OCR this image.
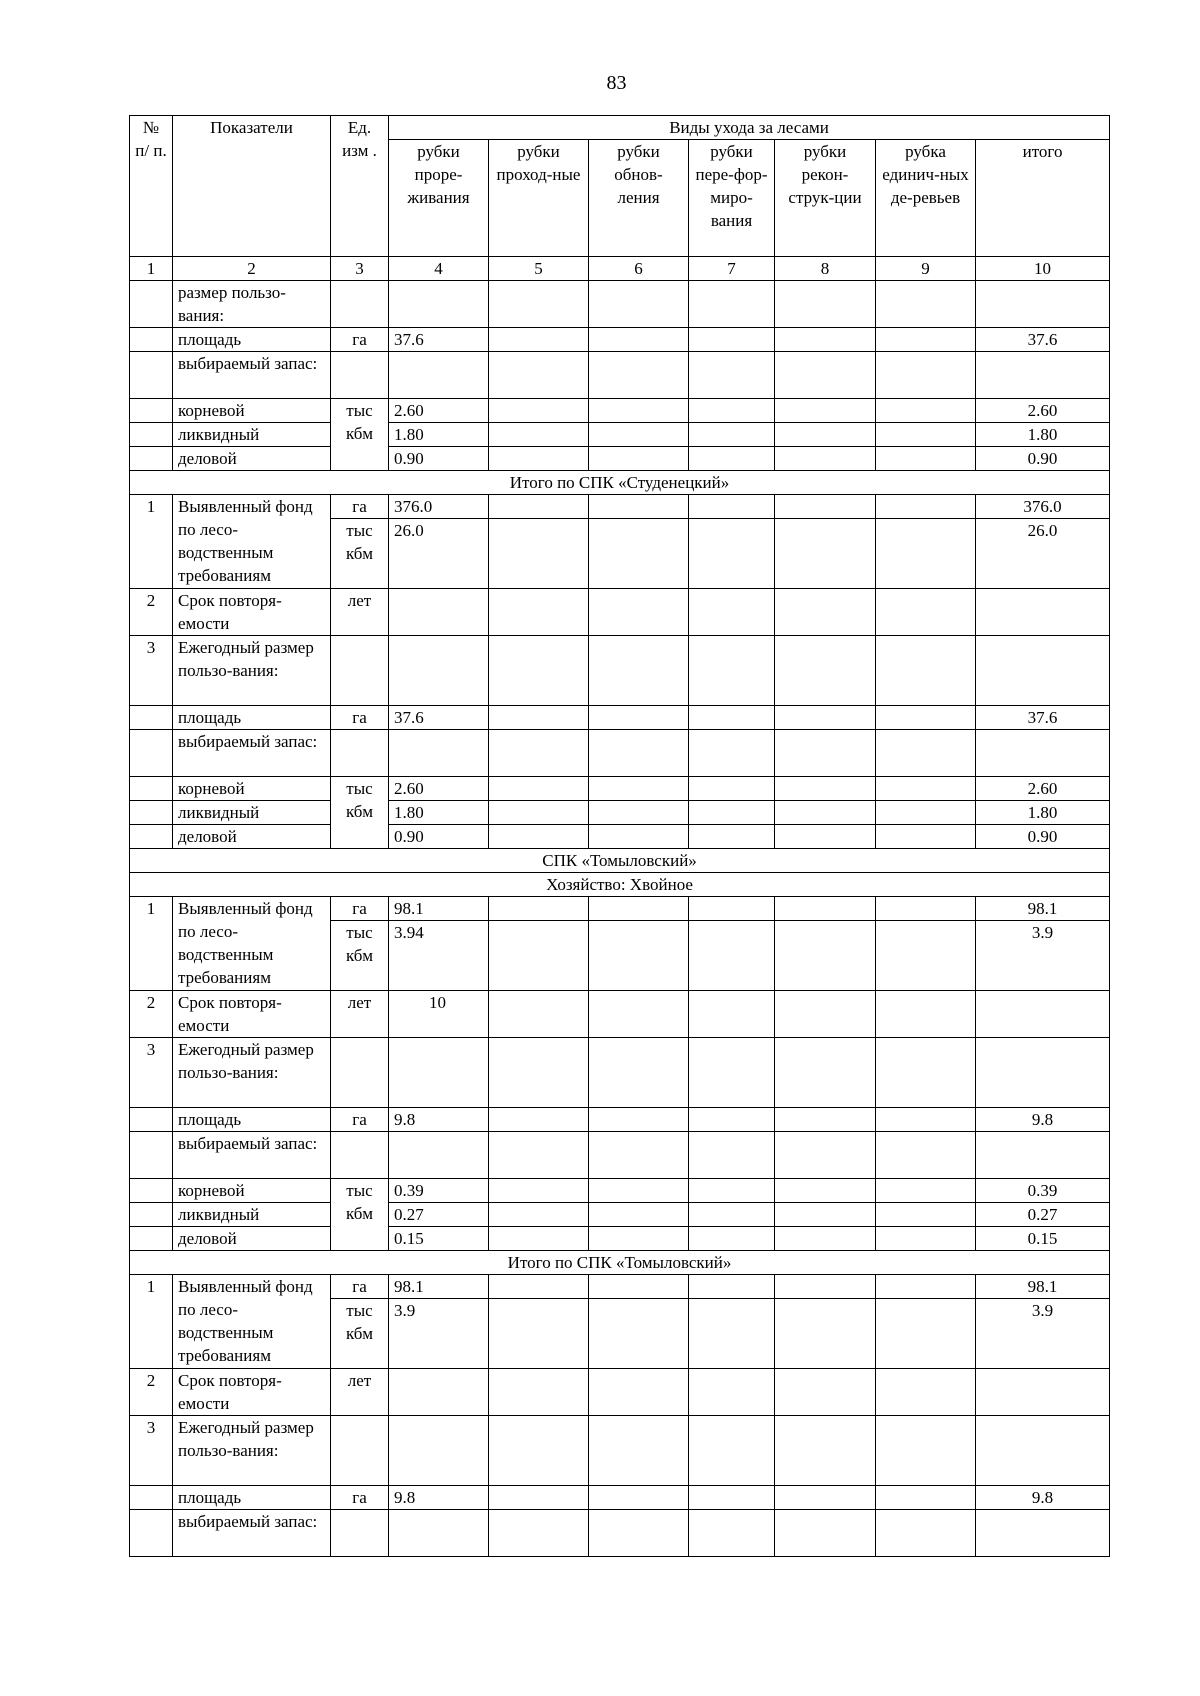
83
№ п/ п.	Показатели	Ед. изм .	Виды ухода за лесами						
			рубки проре-живания	рубки проход-ные	рубки обнов-ления	рубки пере-фор-миро-вания	рубки рекон-струк-ции	рубка единич-ных де-ревьев	итого
1	2	3	4	5	6	7	8	9	10
	размер пользо-вания:								
	площадь	га	37.6						37.6
	выбираемый запас:								
	корневой	тыс кбм	2.60						2.60
	ликвидный		1.80						1.80
	деловой		0.90						0.90
Итого по СПК «Студенецкий»									
1	Выявленный фонд по лесо-водственным требованиям	га	376.0						376.0
		тыс кбм	26.0						26.0
2	Срок повторя-емости	лет							
3	Ежегодный размер пользо-вания:								
	площадь	га	37.6						37.6
	выбираемый запас:								
	корневой	тыс кбм	2.60						2.60
	ликвидный		1.80						1.80
	деловой		0.90						0.90
СПК «Томыловский»									
Хозяйство: Хвойное									
1	Выявленный фонд по лесо-водственным требованиям	га	98.1						98.1
		тыс кбм	3.94						3.9
2	Срок повторя-емости	лет	10						
3	Ежегодный размер пользо-вания:								
	площадь	га	9.8						9.8
	выбираемый запас:								
	корневой	тыс кбм	0.39						0.39
	ликвидный		0.27						0.27
	деловой		0.15						0.15
Итого по СПК «Томыловский»									
1	Выявленный фонд по лесо-водственным требованиям	га	98.1						98.1
		тыс кбм	3.9						3.9
2	Срок повторя-емости	лет							
3	Ежегодный размер пользо-вания:								
	площадь	га	9.8						9.8
	выбираемый запас:								
